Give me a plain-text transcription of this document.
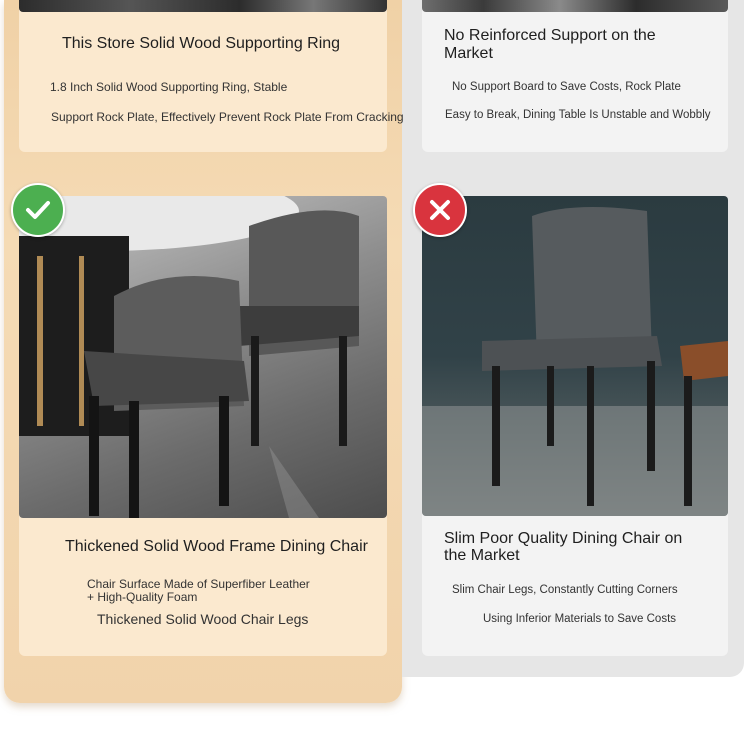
This Store Solid Wood Supporting Ring

1.8 Inch Solid Wood Supporting Ring, Stable

Support Rock Plate, Effectively Prevent Rock Plate From Cracking

No Reinforced Support on the

Market

No Support Board to Save Costs, Rock Plate

Easy to Break, Dining Table Is Unstable and Wobbly

Thickened Solid Wood Frame Dining Chair

Chair Surface Made of Superfiber Leather

+ High-Quality Foam

Thickened Solid Wood Chair Legs

Slim Poor Quality Dining Chair on

the Market

Slim Chair Legs, Constantly Cutting Corners

Using Inferior Materials to Save Costs
